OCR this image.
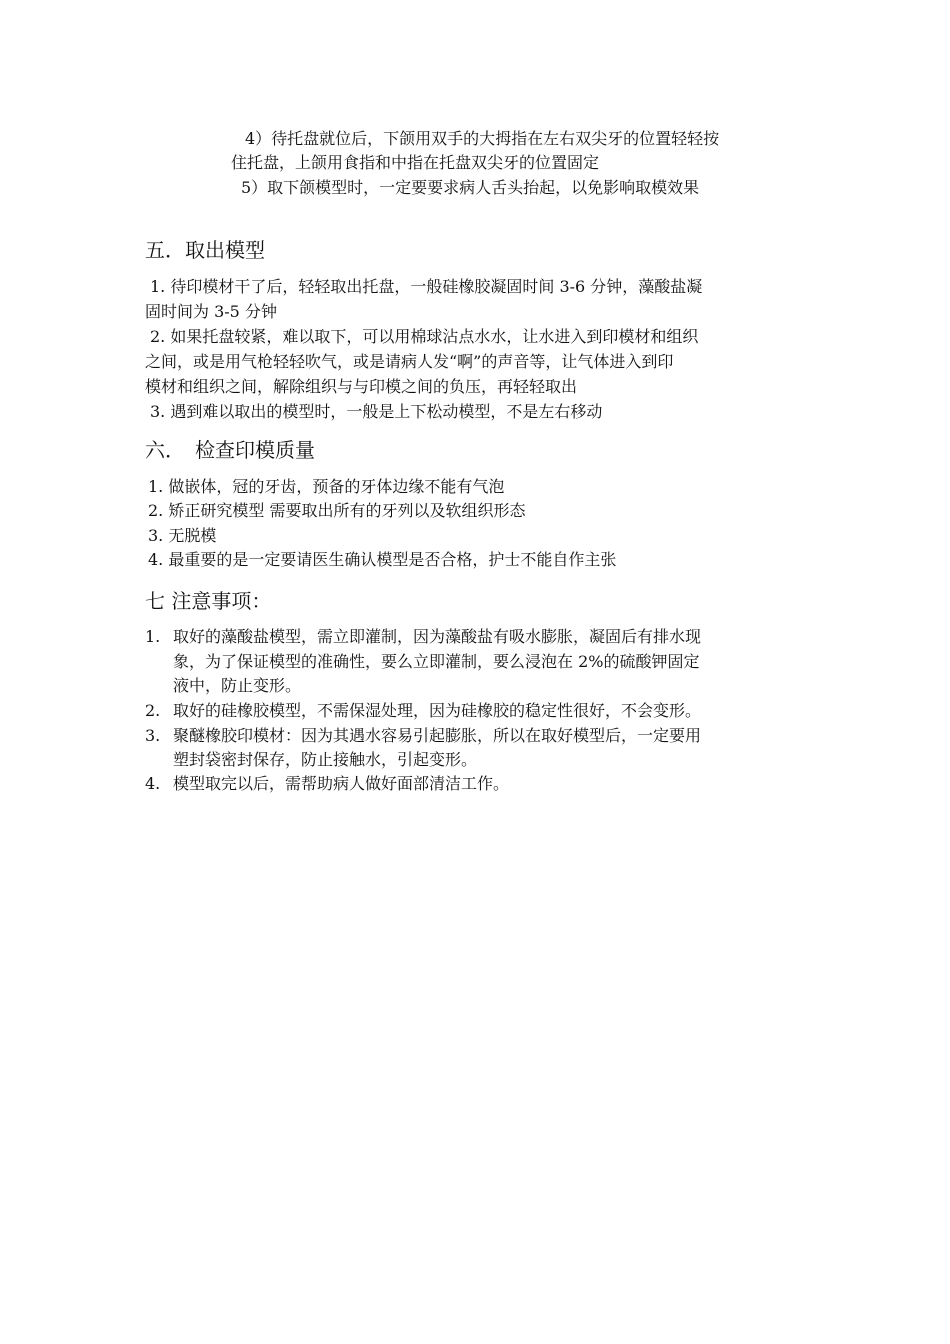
4）待托盘就位后，下颌用双手的大拇指在左右双尖牙的位置轻轻按
住托盘，上颌用食指和中指在托盘双尖牙的位置固定
5）取下颌模型时，一定要要求病人舌头抬起，以免影响取模效果
五．取出模型
1. 待印模材干了后，轻轻取出托盘，一般硅橡胶凝固时间 3-6 分钟，藻酸盐凝
固时间为 3-5 分钟
2. 如果托盘较紧，难以取下，可以用棉球沾点水水，让水进入到印模材和组织
之间，或是用气枪轻轻吹气，或是请病人发“啊”的声音等，让气体进入到印
模材和组织之间，解除组织与与印模之间的负压，再轻轻取出
3. 遇到难以取出的模型时，一般是上下松动模型，不是左右移动
六．　检查印模质量
1. 做嵌体，冠的牙齿，预备的牙体边缘不能有气泡
2. 矫正研究模型 需要取出所有的牙列以及软组织形态
3. 无脱模
4. 最重要的是一定要请医生确认模型是否合格，护士不能自作主张
七 注意事项：
1. 取好的藻酸盐模型，需立即灌制，因为藻酸盐有吸水膨胀，凝固后有排水现
象，为了保证模型的准确性，要么立即灌制，要么浸泡在 2%的硫酸钾固定
液中，防止变形。
2. 取好的硅橡胶模型，不需保湿处理，因为硅橡胶的稳定性很好，不会变形。
3. 聚醚橡胶印模材：因为其遇水容易引起膨胀，所以在取好模型后，一定要用
塑封袋密封保存，防止接触水，引起变形。
4. 模型取完以后，需帮助病人做好面部清洁工作。
